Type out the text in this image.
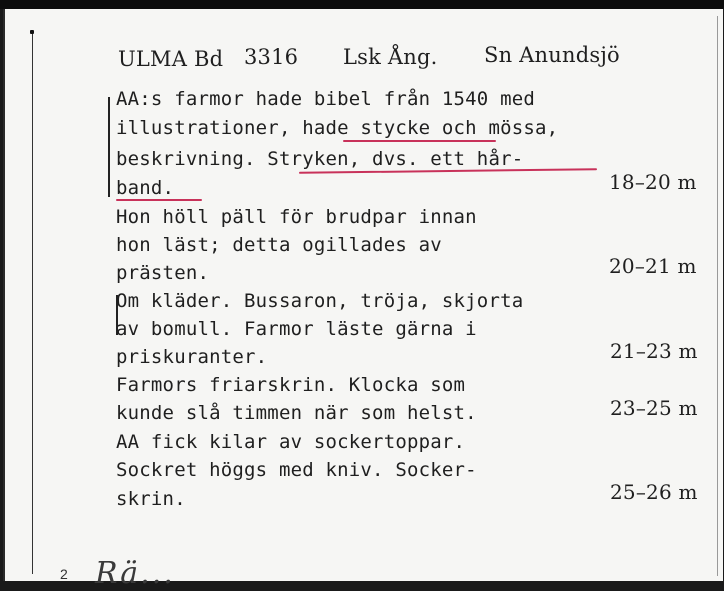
ULMA Bd 3316 Lsk Ång. Sn Anundsjö
AA:s farmor hade bibel från 1540 med
illustrationer, hade stycke och mössa,
beskrivning. Stryken, dvs. ett hår-
band.
Hon höll päll för brudpar innan
hon läst; detta ogillades av
prästen.
Om kläder. Bussaron, tröja, skjorta
av bomull. Farmor läste gärna i
priskuranter.
Farmors friarskrin. Klocka som
kunde slå timmen när som helst.
AA fick kilar av sockertoppar.
Sockret höggs med kniv. Socker-
skrin.
18–20 m
20–21 m
21–23 m
23–25 m
25–26 m
2 Rä...
